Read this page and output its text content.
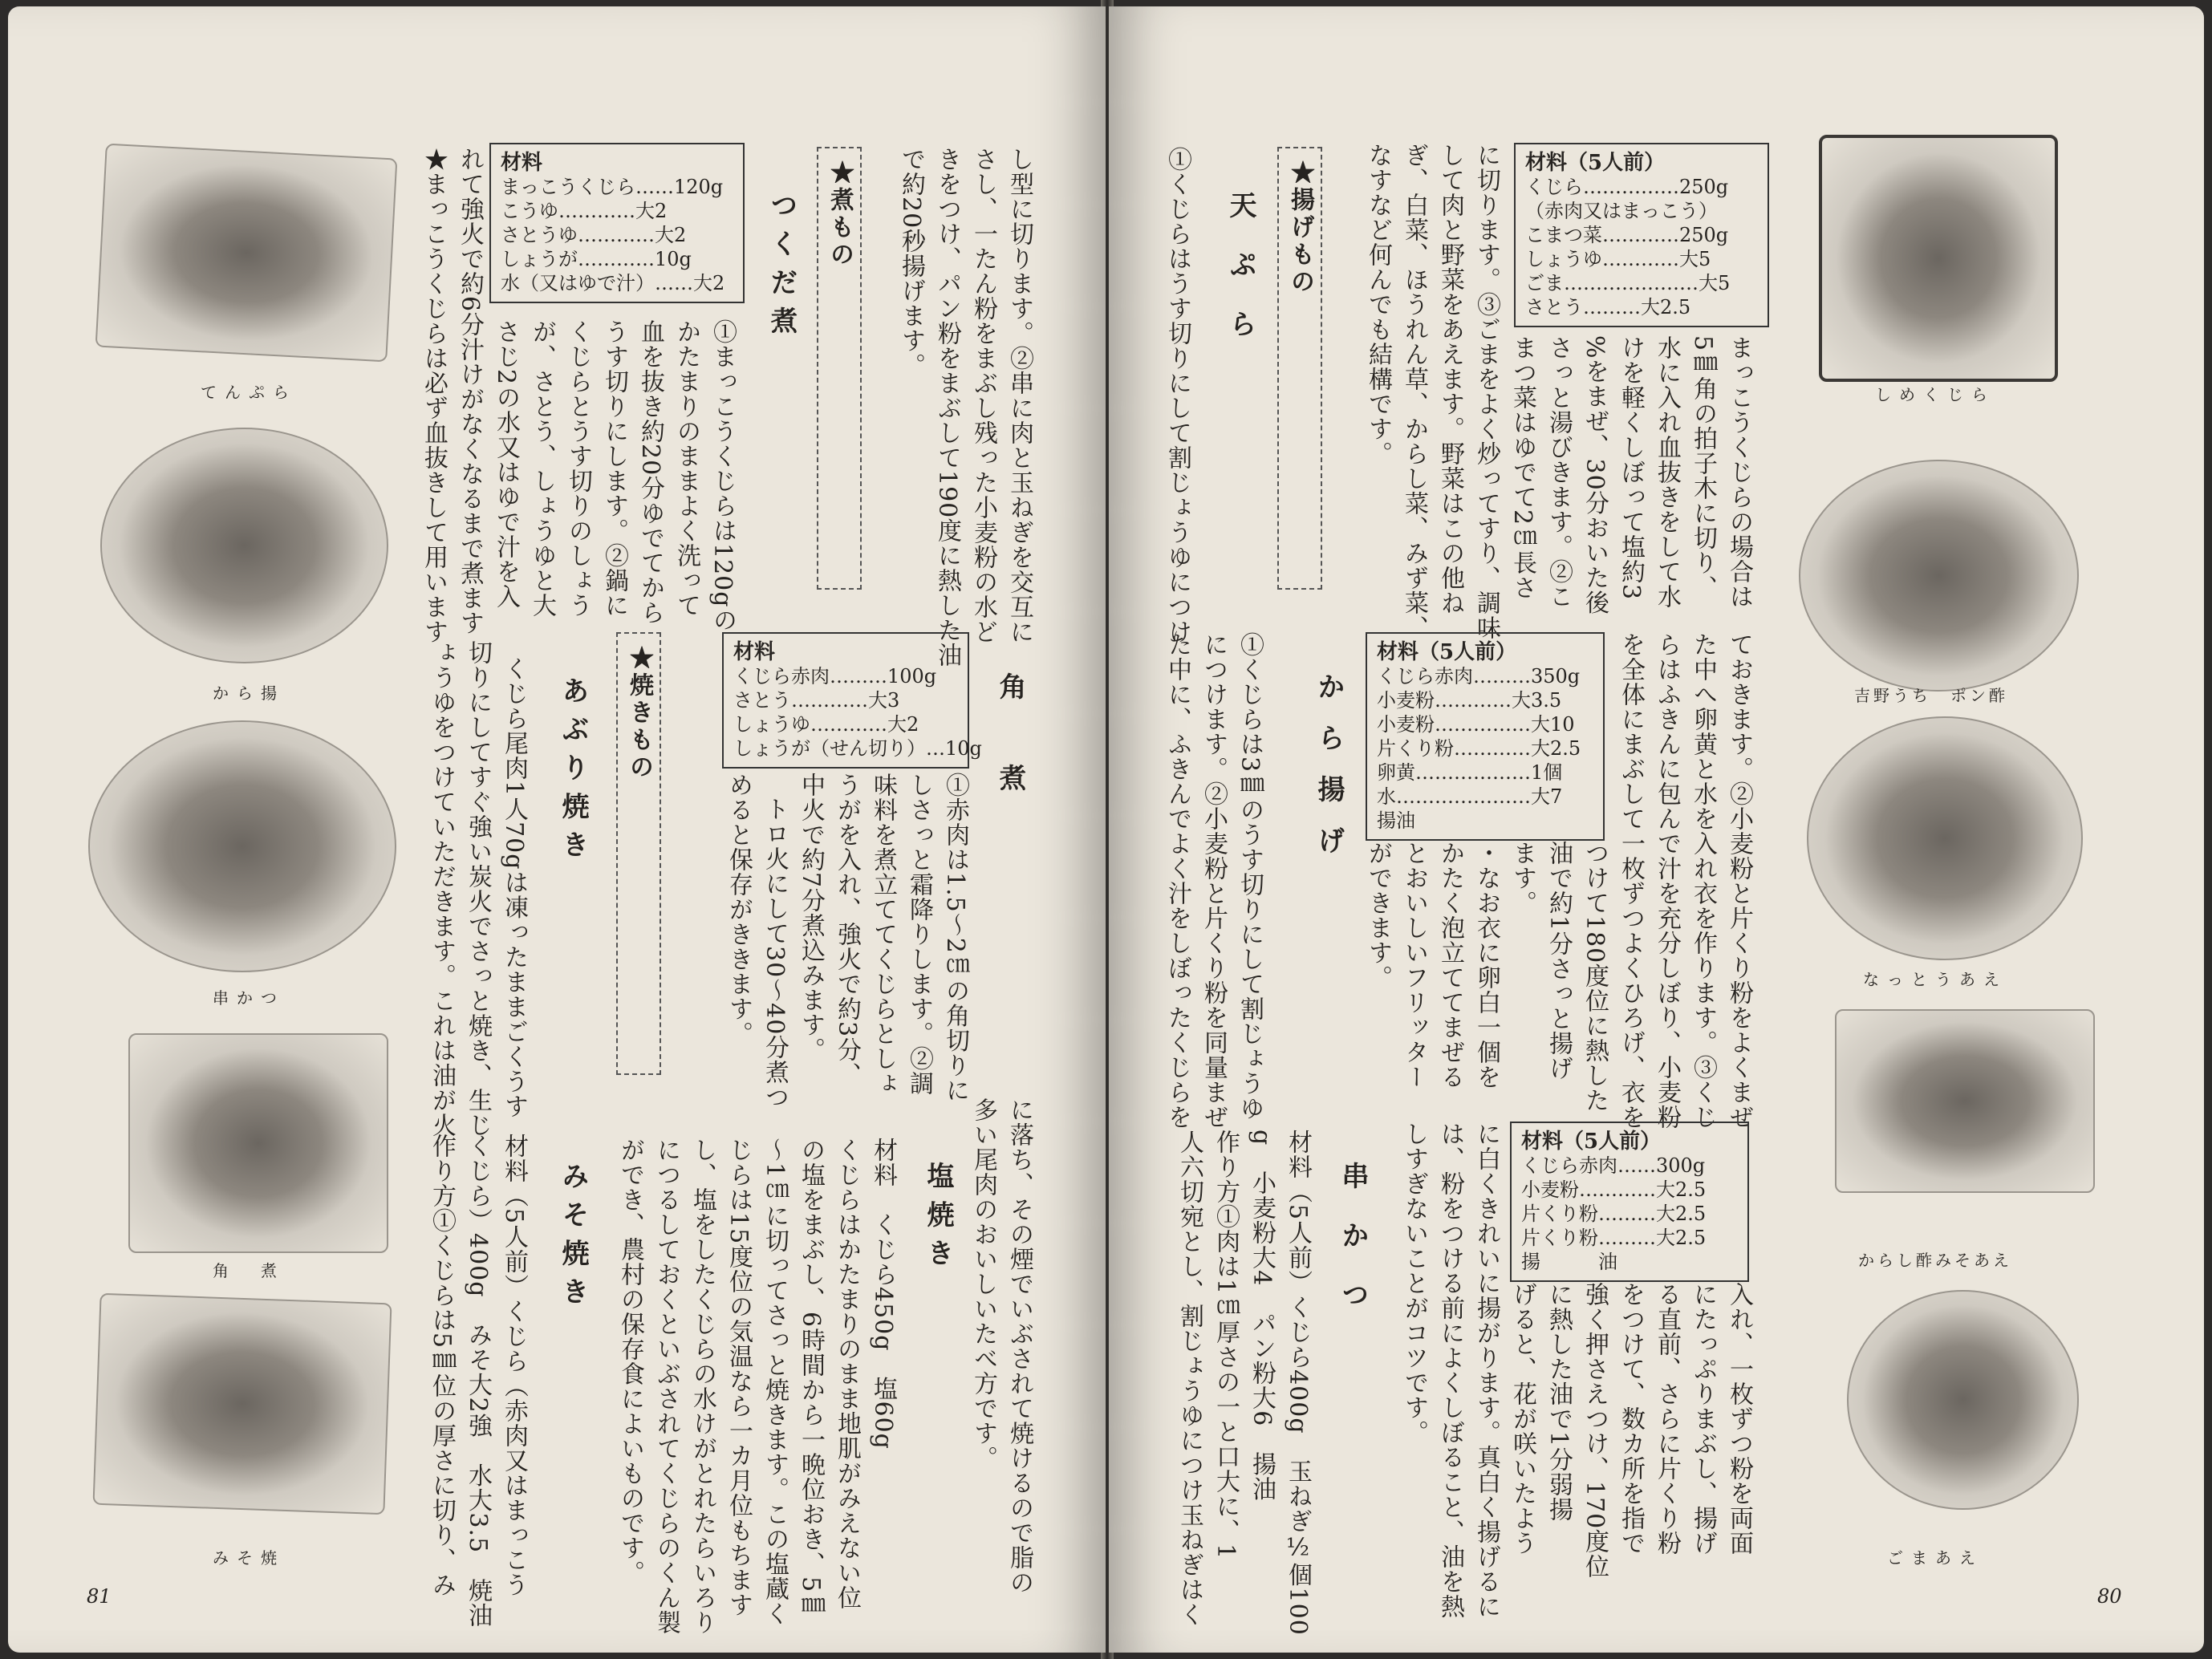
てんぷら
から揚
串かつ
角　煮
みそ焼
81
し型に切ります。②串に肉と玉ねぎを交互に
さし、一たん粉をまぶし残った小麦粉の水ど
きをつけ、パン粉をまぶして190度に熱した油
で約20秒揚げます。
★煮もの
つくだ煮
①まっこうくじらは120gの
かたまりのままよく洗って
血を抜き約20分ゆでてから
うす切りにします。②鍋に
くじらとうす切りのしょう
が、さとう、しょうゆと大
さじ2の水又はゆで汁を入
れて強火で約6分汁けがなくなるまで煮ます
★まっこうくじらは必ず血抜きして用います	材料
まっこうくじら……120g
こうゆ…………大2
さとうゆ…………大2
しょうが…………10g
水（又はゆで汁）……大2
角煮
材料
くじら赤肉………100g
さとう…………大3
しょうゆ…………大2
しょうが（せん切り）…10g
①赤肉は1.5～2㎝の角切りに
しさっと霜降りします。②調
味料を煮立ててくじらとしょ
うがを入れ、強火で約3分、
中火で約7分煮込みます。
トロ火にして30～40分煮つ
めると保存がききます。
★焼きもの
あぶり焼き
くじら尾肉1人70gは凍ったままごくうす
切りにしてすぐ強い炭火でさっと焼き、生じ
ょうゆをつけていただきます。これは油が火
に落ち、その煙でいぶされて焼けるので脂の
多い尾肉のおいしいたべ方です。
塩焼き
材料　くじら450g　塩60g
くじらはかたまりのまま地肌がみえない位
の塩をまぶし、6時間から一晩位おき、5㎜
～1㎝に切ってさっと焼きます。この塩蔵く
じらは15度位の気温なら一カ月位もちます
し、塩をしたくじらの水けがとれたらいろり
につるしておくといぶされてくじらのくん製
ができ、農村の保存食によいものです。
みそ焼き
材料（5人前）くじら（赤肉又はまっこう
くじら）400g　みそ大2強　水大3.5　焼油
作り方①くじらは5㎜位の厚さに切り、み
しめくじら
吉野うち　ポン酢
なっとうあえ
からし酢みそあえ
ごまあえ
80
材料（5人前）
くじら……………250g
（赤肉又はまっこう）
こまつ菜…………250g
しょうゆ…………大5
ごま…………………大5
さとう………大2.5
まっこうくじらの場合は
5㎜角の拍子木に切り、
水に入れ血抜きをして水
けを軽くしぼって塩約3
%をまぜ、30分おいた後
さっと湯びきます。②こ
まつ菜はゆでて2㎝長さ
に切ります。③ごまをよく炒ってすり、調味
して肉と野菜をあえます。野菜はこの他ね
ぎ、白菜、ほうれん草、からし菜、みず菜、
なすなど何んでも結構です。
★揚げもの
天ぷら
①くじらはうす切りにして割じょうゆにつけ
ておきます。②小麦粉と片くり粉をよくまぜ
た中へ卵黄と水を入れ衣を作ります。③くじ
らはふきんに包んで汁を充分しぼり、小麦粉
を全体にまぶして一枚ずつよくひろげ、衣を
つけて180度位に熱した
油で約1分さっと揚げ
ます。
・なお衣に卵白一個を
かたく泡立ててまぜる
とおいしいフリッター
ができます。
材料（5人前）
くじら赤肉………350g
小麦粉…………大3.5
小麦粉……………大10
片くり粉…………大2.5
卵黄………………1個
水…………………大7
揚油
から揚げ
①くじらは3㎜のうす切りにして割じょうゆ
につけます。②小麦粉と片くり粉を同量まぜ
た中に、ふきんでよく汁をしぼったくじらを
入れ、一枚ずつ粉を両面
にたっぷりまぶし、揚げ
る直前、さらに片くり粉
をつけて、数カ所を指で
強く押さえつけ、170度位
に熱した油で1分弱揚
げると、花が咲いたよう
に白くきれいに揚がります。真白く揚げるに
は、粉をつける前によくしぼること、油を熱
しすぎないことがコツです。	材料（5人前）
くじら赤肉……300g
小麦粉…………大2.5
片くり粉………大2.5
片くり粉………大2.5
揚　　　油
串かつ
材料（5人前）くじら400g　玉ねぎ½個100
g　小麦粉大4　パン粉大6　揚油
作り方①肉は1㎝厚さの一と口大に、1
人六切宛とし、割じょうゆにつけ玉ねぎはく
